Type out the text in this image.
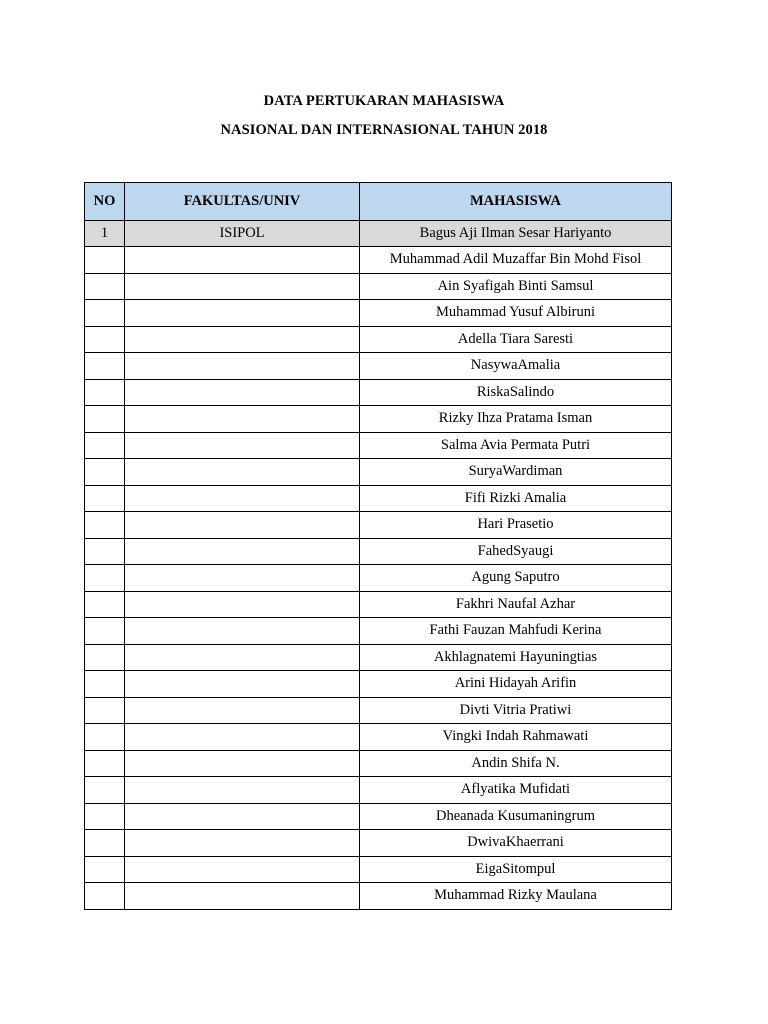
DATA PERTUKARAN MAHASISWA
NASIONAL DAN INTERNASIONAL TAHUN 2018
NO	FAKULTAS/UNIV	MAHASISWA
1	ISIPOL	Bagus Aji Ilman Sesar Hariyanto
		Muhammad Adil Muzaffar Bin Mohd Fisol
		Ain Syafigah Binti Samsul
		Muhammad Yusuf Albiruni
		Adella Tiara Saresti
		NasywaAmalia
		RiskaSalindo
		Rizky Ihza Pratama Isman
		Salma Avia Permata Putri
		SuryaWardiman
		Fifi Rizki Amalia
		Hari Prasetio
		FahedSyaugi
		Agung Saputro
		Fakhri Naufal Azhar
		Fathi Fauzan Mahfudi Kerina
		Akhlagnatemi Hayuningtias
		Arini Hidayah Arifin
		Divti Vitria Pratiwi
		Vingki Indah Rahmawati
		Andin Shifa N.
		Aflyatika Mufidati
		Dheanada Kusumaningrum
		DwivaKhaerrani
		EigaSitompul
		Muhammad Rizky Maulana
